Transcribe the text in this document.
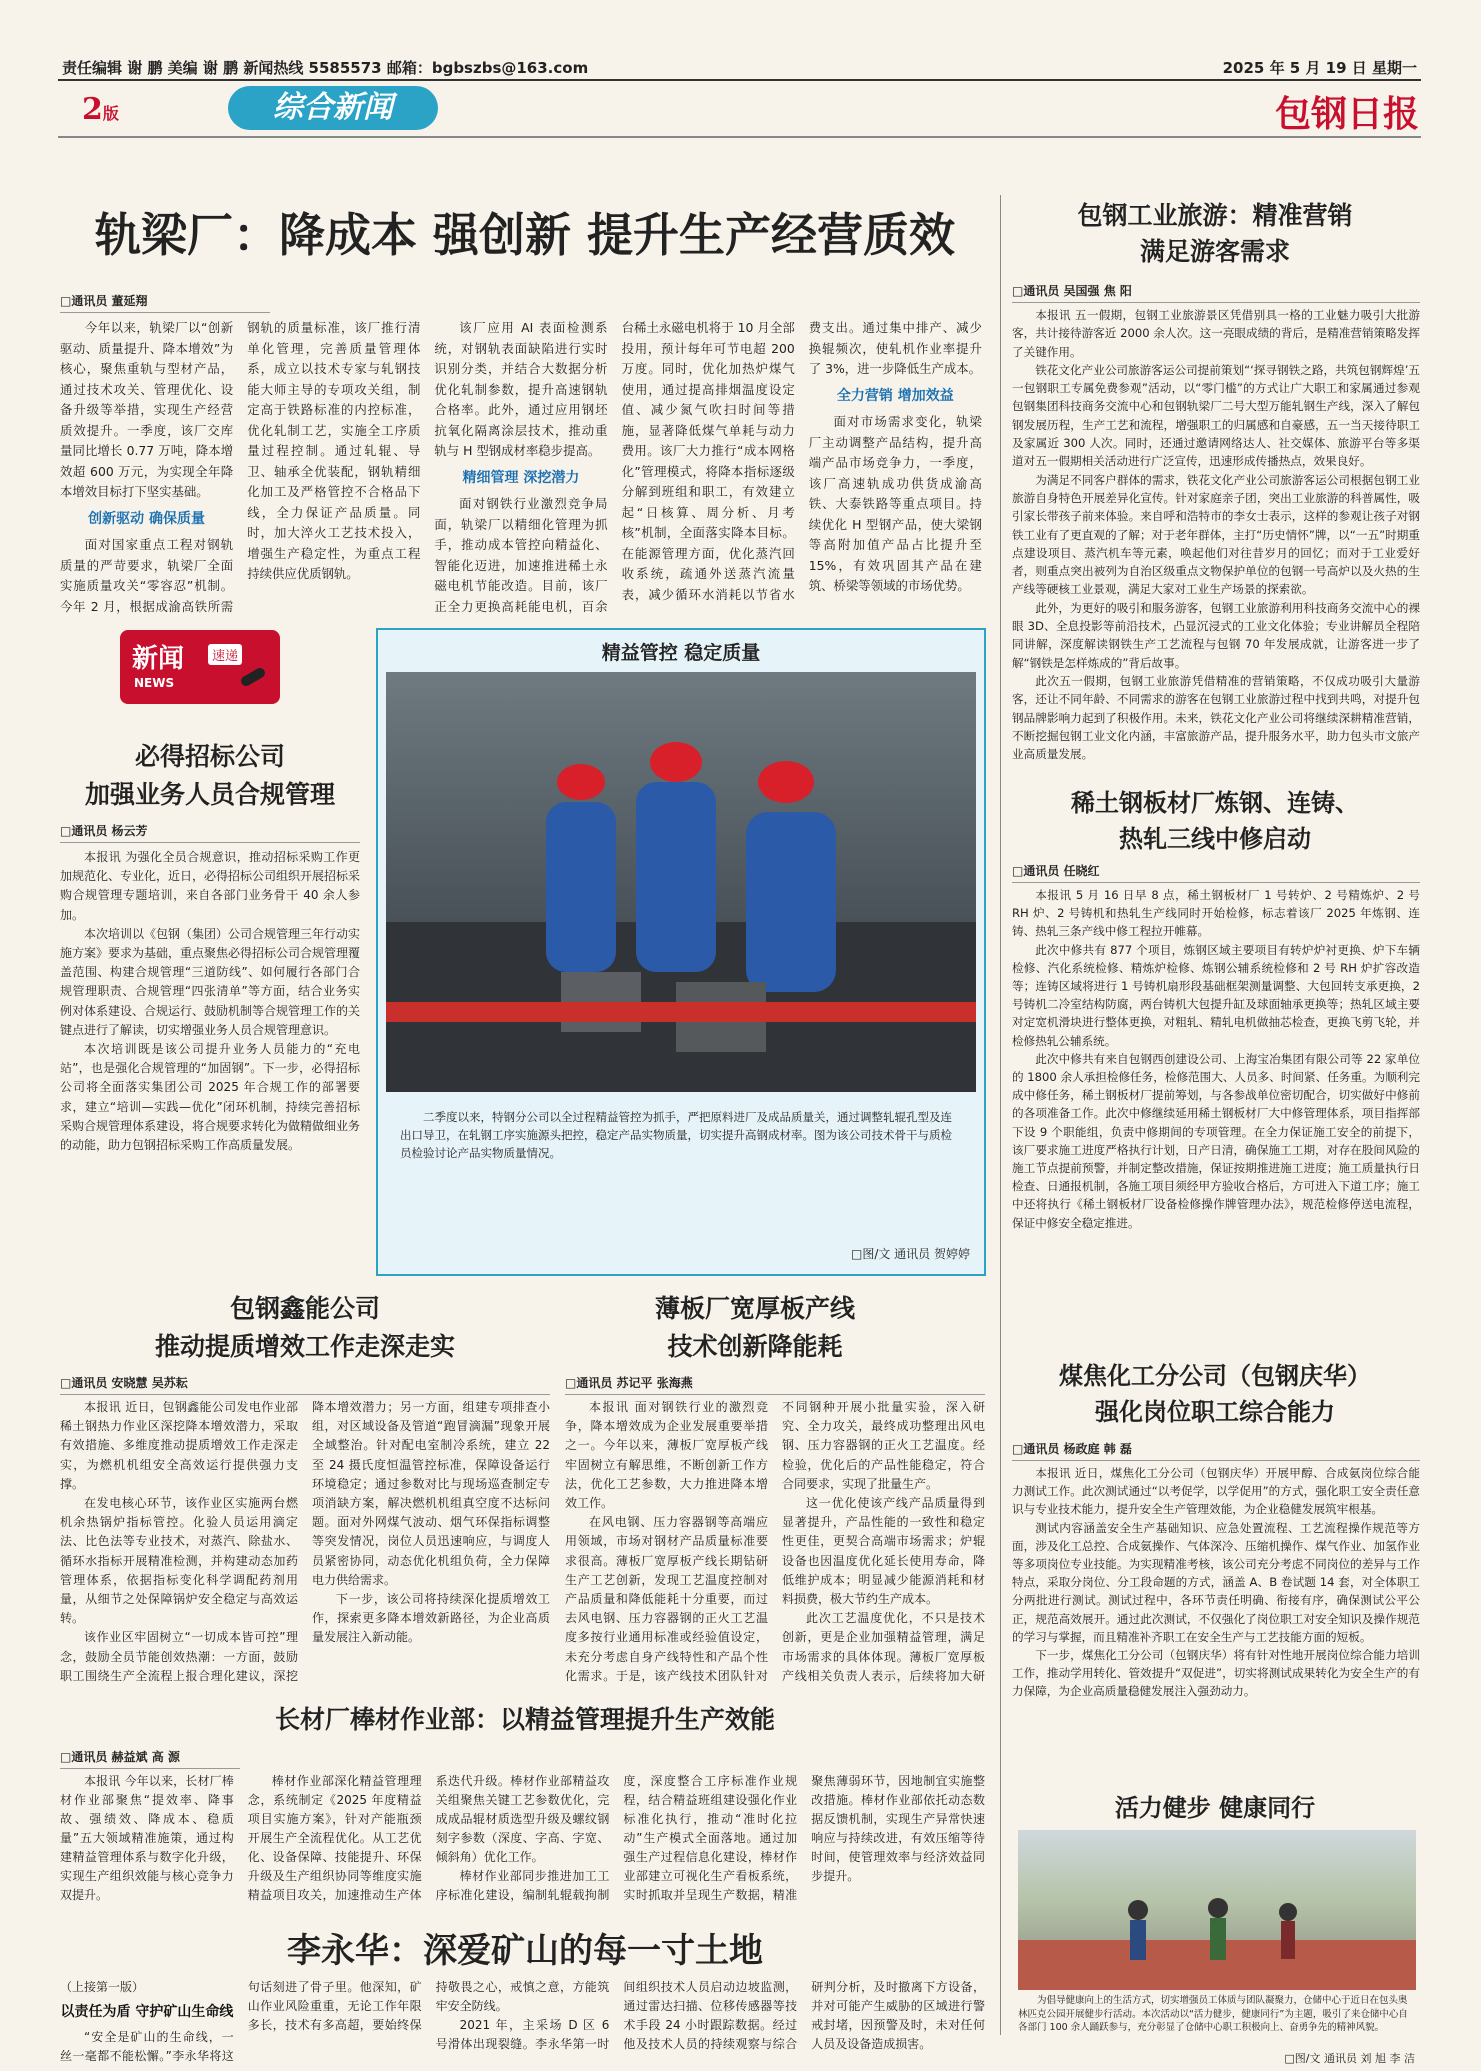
责任编辑 谢 鹏 美编 谢 鹏 新闻热线 5585573 邮箱：bgbszbs@163.com	2025 年 5 月 19 日 星期一
2版	综合新闻	包钢日报
轨梁厂：降成本 强创新 提升生产经营质效
□通讯员 董延翔

今年以来，轨梁厂以“创新驱动、质量提升、降本增效”为核心，聚焦重轨与型材产品，通过技术攻关、管理优化、设备升级等举措，实现生产经营质效提升。一季度，该厂交库量同比增长 0.77 万吨，降本增效超 600 万元，为实现全年降本增效目标打下坚实基础。

创新驱动 确保质量

面对国家重点工程对钢轨质量的严苛要求，轨梁厂全面实施质量攻关“零容忍”机制。今年 2 月，根据成渝高铁所需钢轨的质量标准，该厂推行清单化管理，完善质量管理体系，成立以技术专家与轧钢技能大师主导的专项攻关组，制定高于铁路标准的内控标准，优化轧制工艺，实施全工序质量过程控制。通过轧辊、导卫、轴承全优装配，钢轨精细化加工及严格管控不合格品下线，全力保证产品质量。同时，加大淬火工艺技术投入，增强生产稳定性，为重点工程持续供应优质钢轨。

该厂应用 AI 表面检测系统，对钢轨表面缺陷进行实时识别分类，并结合大数据分析优化轧制参数，提升高速钢轨合格率。此外，通过应用钢坯抗氧化隔离涂层技术，推动重轨与 H 型钢成材率稳步提高。

精细管理 深挖潜力

面对钢铁行业激烈竞争局面，轨梁厂以精细化管理为抓手，推动成本管控向精益化、智能化迈进，加速推进稀土永磁电机节能改造。目前，该厂正全力更换高耗能电机，百余台稀土永磁电机将于 10 月全部投用，预计每年可节电超 200 万度。同时，优化加热炉煤气使用，通过提高排烟温度设定值、减少氮气吹扫时间等措施，显著降低煤气单耗与动力费用。该厂大力推行“成本网格化”管理模式，将降本指标逐级分解到班组和职工，有效建立起“日核算、周分析、月考核”机制，全面落实降本目标。在能源管理方面，优化蒸汽回收系统，疏通外送蒸汽流量表，减少循环水消耗以节省水费支出。通过集中排产、减少换辊频次，使轧机作业率提升了 3%，进一步降低生产成本。

全力营销 增加效益

面对市场需求变化，轨梁厂主动调整产品结构，提升高端产品市场竞争力，一季度，该厂高速轨成功供货成渝高铁、大泰铁路等重点项目。持续优化 H 型钢产品，使大梁钢等高附加值产品占比提升至 15%，有效巩固其产品在建筑、桥梁等领域的市场优势。

包钢工业旅游：精准营销
满足游客需求
□通讯员 吴国强 焦 阳

本报讯 五一假期，包钢工业旅游景区凭借别具一格的工业魅力吸引大批游客，共计接待游客近 2000 余人次。这一亮眼成绩的背后，是精准营销策略发挥了关键作用。

铁花文化产业公司旅游客运公司提前策划“‘探寻钢铁之路，共筑包钢辉煌’五一包钢职工专属免费参观”活动，以“零门槛”的方式让广大职工和家属通过参观包钢集团科技商务交流中心和包钢轨梁厂二号大型万能轧钢生产线，深入了解包钢发展历程，生产工艺和流程，增强职工的归属感和自豪感，五一当天接待职工及家属近 300 人次。同时，还通过邀请网络达人、社交媒体、旅游平台等多渠道对五一假期相关活动进行广泛宣传，迅速形成传播热点，效果良好。

为满足不同客户群体的需求，铁花文化产业公司旅游客运公司根据包钢工业旅游自身特色开展差异化宣传。针对家庭亲子团，突出工业旅游的科普属性，吸引家长带孩子前来体验。来自呼和浩特市的李女士表示，这样的参观让孩子对钢铁工业有了更直观的了解；对于老年群体，主打“历史情怀”牌，以“一五”时期重点建设项目、蒸汽机车等元素，唤起他们对往昔岁月的回忆；而对于工业爱好者，则重点突出被列为自治区级重点文物保护单位的包钢一号高炉以及火热的生产线等硬核工业景观，满足大家对工业生产场景的探索欲。

此外，为更好的吸引和服务游客，包钢工业旅游利用科技商务交流中心的裸眼 3D、全息投影等前沿技术，凸显沉浸式的工业文化体验；专业讲解员全程陪同讲解，深度解读钢铁生产工艺流程与包钢 70 年发展成就，让游客进一步了解“钢铁是怎样炼成的”背后故事。

此次五一假期，包钢工业旅游凭借精准的营销策略，不仅成功吸引大量游客，还让不同年龄、不同需求的游客在包钢工业旅游过程中找到共鸣，对提升包钢品牌影响力起到了积极作用。未来，铁花文化产业公司将继续深耕精准营销，不断挖掘包钢工业文化内涵，丰富旅游产品，提升服务水平，助力包头市文旅产业高质量发展。

新闻	速递
NEWS
必得招标公司
加强业务人员合规管理
□通讯员 杨云芳

本报讯 为强化全员合规意识，推动招标采购工作更加规范化、专业化，近日，必得招标公司组织开展招标采购合规管理专题培训，来自各部门业务骨干 40 余人参加。

本次培训以《包钢（集团）公司合规管理三年行动实施方案》要求为基础，重点聚焦必得招标公司合规管理覆盖范围、构建合规管理“三道防线”、如何履行各部门合规管理职责、合规管理“四张清单”等方面，结合业务实例对体系建设、合规运行、鼓励机制等合规管理工作的关键点进行了解读，切实增强业务人员合规管理意识。

本次培训既是该公司提升业务人员能力的“充电站”，也是强化合规管理的“加固钢”。下一步，必得招标公司将全面落实集团公司 2025 年合规工作的部署要求，建立“培训—实践—优化”闭环机制，持续完善招标采购合规管理体系建设，将合规要求转化为做精做细业务的动能，助力包钢招标采购工作高质量发展。

精益管控 稳定质量
二季度以来，特钢分公司以全过程精益管控为抓手，严把原料进厂及成品质量关，通过调整轧辊孔型及连出口导卫，在轧钢工序实施源头把控，稳定产品实物质量，切实提升高钢成材率。图为该公司技术骨干与质检员检验讨论产品实物质量情况。
□图/文 通讯员 贺婷婷
稀土钢板材厂炼钢、连铸、
热轧三线中修启动
□通讯员 任晓红

本报讯 5 月 16 日早 8 点，稀土钢板材厂 1 号转炉、2 号精炼炉、2 号 RH 炉、2 号铸机和热轧生产线同时开始检修，标志着该厂 2025 年炼钢、连铸、热轧三条产线中修工程拉开帷幕。

此次中修共有 877 个项目，炼钢区域主要项目有转炉炉衬更换、炉下车辆检修、汽化系统检修、精炼炉检修、炼钢公辅系统检修和 2 号 RH 炉扩容改造等；连铸区域将进行 1 号铸机扇形段基础框架测量调整、大包回转支承更换，2 号铸机二冷室结构防腐，两台铸机大包提升缸及球面轴承更换等；热轧区域主要对定宽机滑块进行整体更换，对粗轧、精轧电机做抽芯检查，更换飞剪飞轮，并检修热轧公辅系统。

此次中修共有来自包钢西创建设公司、上海宝冶集团有限公司等 22 家单位的 1800 余人承担检修任务，检修范围大、人员多、时间紧、任务重。为顺利完成中修任务，稀土钢板材厂提前筹划，与各参战单位密切配合，切实做好中修前的各项准备工作。此次中修继续延用稀土钢板材厂大中修管理体系，项目指挥部下设 9 个职能组，负责中修期间的专项管理。在全力保证施工安全的前提下，该厂要求施工进度严格执行计划，日产日清，确保施工工期，对存在股间风险的施工节点提前预警，并制定整改措施，保证按期推进施工进度；施工质量执行日检查、日通报机制，各施工项目须经甲方验收合格后，方可进入下道工序；施工中还将执行《稀土钢板材厂设备检修操作牌管理办法》，规范检修停送电流程，保证中修安全稳定推进。

包钢鑫能公司
推动提质增效工作走深走实
□通讯员 安晓慧 吴苏耘

本报讯 近日，包钢鑫能公司发电作业部稀土钢热力作业区深挖降本增效潜力，采取有效措施、多维度推动提质增效工作走深走实，为燃机机组安全高效运行提供强力支撑。

在发电核心环节，该作业区实施两台燃机余热锅炉指标管控。化验人员运用滴定法、比色法等专业技术，对蒸汽、除盐水、循环水指标开展精准检测，并构建动态加药管理体系，依据指标变化科学调配药剂用量，从细节之处保障锅炉安全稳定与高效运转。

该作业区牢固树立“一切成本皆可控”理念，鼓励全员节能创效热潮：一方面，鼓励职工围绕生产全流程上报合理化建议，深挖降本增效潜力；另一方面，组建专项排查小组，对区域设备及管道“跑冒滴漏”现象开展全域整治。针对配电室制冷系统，建立 22 至 24 摄氏度恒温管控标准，保障设备运行环境稳定；通过参数对比与现场巡查制定专项消缺方案，解决燃机机组真空度不达标问题。面对外网煤气波动、烟气环保指标调整等突发情况，岗位人员迅速响应，与调度人员紧密协同，动态优化机组负荷，全力保障电力供给需求。

下一步，该公司将持续深化提质增效工作，探索更多降本增效新路径，为企业高质量发展注入新动能。

薄板厂宽厚板产线
技术创新降能耗
□通讯员 苏记平 张海燕

本报讯 面对钢铁行业的激烈竞争，降本增效成为企业发展重要举措之一。今年以来，薄板厂宽厚板产线牢固树立有解思维，不断创新工作方法，优化工艺参数，大力推进降本增效工作。

在风电钢、压力容器钢等高端应用领域，市场对钢材产品质量标准要求很高。薄板厂宽厚板产线长期钻研生产工艺创新，发现工艺温度控制对产品质量和降低能耗十分重要，而过去风电钢、压力容器钢的正火工艺温度多按行业通用标准或经验值设定，未充分考虑自身产线特性和产品个性化需求。于是，该产线技术团队针对不同钢种开展小批量实验，深入研究、全力攻关，最终成功整理出风电钢、压力容器钢的正火工艺温度。经检验，优化后的产品性能稳定，符合合同要求，实现了批量生产。

这一优化使该产线产品质量得到显著提升，产品性能的一致性和稳定性更佳，更契合高端市场需求；炉辊设备也因温度优化延长使用寿命，降低维护成本；明显减少能源消耗和材料损费，极大节约生产成本。

此次工艺温度优化，不只是技术创新，更是企业加强精益管理，满足市场需求的具体体现。薄板厂宽厚板产线相关负责人表示，后续将加大研

煤焦化工分公司（包钢庆华）
强化岗位职工综合能力
□通讯员 杨政庭 韩 磊

本报讯 近日，煤焦化工分公司（包钢庆华）开展甲醇、合成氨岗位综合能力测试工作。此次测试通过“以考促学，以学促用”的方式，强化职工安全责任意识与专业技术能力，提升安全生产管理效能，为企业稳健发展筑牢根基。

测试内容涵盖安全生产基础知识、应急处置流程、工艺流程操作规范等方面，涉及化工总控、合成氨操作、气体深冷、压缩机操作、煤气作业、加氢作业等多项岗位专业技能。为实现精准考核，该公司充分考虑不同岗位的差异与工作特点，采取分岗位、分工段命题的方式，涵盖 A、B 卷试题 14 套，对全体职工分两批进行测试。测试过程中，各环节责任明确、衔接有序，确保测试公平公正，规范高效展开。通过此次测试，不仅强化了岗位职工对安全知识及操作规范的学习与掌握，而且精准补齐职工在安全生产与工艺技能方面的短板。

下一步，煤焦化工分公司（包钢庆华）将有针对性地开展岗位综合能力培训工作，推动学用转化、管效提升“双促进”，切实将测试成果转化为安全生产的有力保障，为企业高质量稳健发展注入强劲动力。

长材厂棒材作业部：以精益管理提升生产效能
□通讯员 赫益斌 高 源

本报讯 今年以来，长材厂棒材作业部聚焦“提效率、降事故、强绩效、降成本、稳质量”五大领域精准施策，通过构建精益管理体系与数字化升级，实现生产组织效能与核心竞争力双提升。

棒材作业部深化精益管理理念，系统制定《2025 年度精益项目实施方案》，针对产能瓶颈开展生产全流程优化。从工艺优化、设备保障、技能提升、环保升级及生产组织协同等维度实施精益项目攻关，加速推动生产体系迭代升级。棒材作业部精益攻关组聚焦关键工艺参数优化，完成成品辊材质选型升级及螺纹钢刻字参数（深度、字高、字宽、倾斜角）优化工作。

棒材作业部同步推进加工工序标准化建设，编制轧辊载拘制度，深度整合工序标准作业规程，结合精益班组建设强化作业标准化执行，推动“准时化拉动”生产模式全面落地。通过加强生产过程信息化建设，棒材作业部建立可视化生产看板系统，实时抓取并呈现生产数据，精准聚焦薄弱环节，因地制宜实施整改措施。棒材作业部依托动态数据反馈机制，实现生产异常快速响应与持续改进，有效压缩等待时间，使管理效率与经济效益同步提升。

李永华：深爱矿山的每一寸土地

（上接第一版）

以责任为盾 守护矿山生命线

“安全是矿山的生命线，一丝一毫都不能松懈。”李永华将这句话刻进了骨子里。他深知，矿山作业风险重重，无论工作年限多长，技术有多高超，要始终保持敬畏之心，戒慎之意，方能筑牢安全防线。

2021 年，主采场 D 区 6 号滑体出现裂缝。李永华第一时间组织技术人员启动边坡监测，通过雷达扫描、位移传感器等技术手段 24 小时跟踪数据。经过他及技术人员的持续观察与综合研判分析，及时撤离下方设备，并对可能产生威胁的区域进行警戒封堵，因预警及时，未对任何人员及设备造成损害。

活力健步 健康同行
为倡导健康向上的生活方式，切实增强员工体质与团队凝聚力，仓储中心于近日在包头奥林匹克公园开展健步行活动。本次活动以“活力健步，健康同行”为主题，吸引了来仓储中心自各部门 100 余人踊跃参与，充分彰显了仓储中心职工积极向上、奋勇争先的精神风貌。
□图/文 通讯员 刘 旭 李 洁
